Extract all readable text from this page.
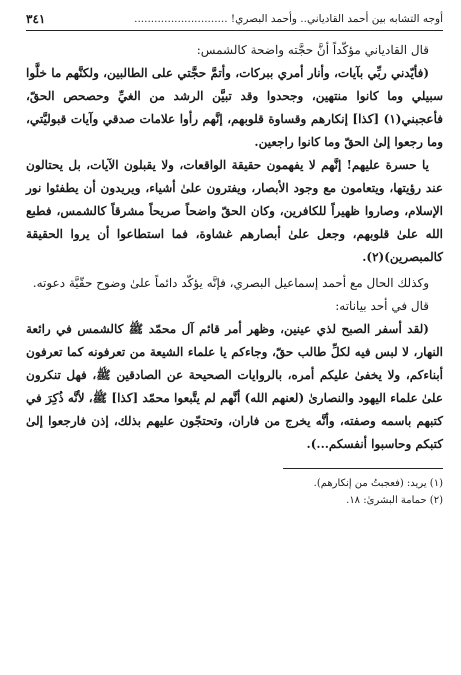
أوجه التشابه بين أحمد القادياني.. وأحمد البصري! ............................
٣٤١

قال القادياني مؤكّداً أنَّ حجَّته واضحة كالشمس:

(فأيّدني ربِّي بآيات، وأنار أمري ببركات، وأتمَّ حجَّتي على الطالبين، ولكنَّهم ما خلَّوا سبيلي وما كانوا منتهين، وجحدوا وقد تبيَّن الرشد من الغيِّ وحصحص الحقّ، فأعجبني(١) [كذا] إنكارهم وقساوة قلوبهم، إنَّهم رأوا علامات صدقي وآيات قبوليَّتي، وما رجعوا إلىٰ الحقّ وما كانوا راجعين.

يا حسرة عليهم! إنَّهم لا يفهمون حقيقة الواقعات، ولا يقبلون الآيات، بل يحتالون عند رؤيتها، ويتعامون مع وجود الأبصار، ويفترون علىٰ أشياء، ويريدون أن يطفئوا نور الإسلام، وصاروا ظهيراً للكافرين، وكان الحقّ واضحاً صريحاً مشرقاً كالشمس، فطبع الله علىٰ قلوبهم، وجعل علىٰ أبصارهم غشاوة، فما استطاعوا أن يروا الحقيقة كالمبصرين)(٢).

وكذلك الحال مع أحمد إسماعيل البصري، فإنَّه يؤكّد دائماً علىٰ وضوح حقّيَّة دعوته.

قال في أحد بياناته:

(لقد أسفر الصبح لذي عينين، وظهر أمر قائم آل محمّد ﷺ كالشمس في رائعة النهار، لا لبس فيه لكلِّ طالب حقّ، وجاءكم يا علماء الشيعة من تعرفونه كما تعرفون أبناءكم، ولا يخفىٰ عليكم أمره، بالروايات الصحيحة عن الصادقين ﷺ، فهل تنكرون علىٰ علماء اليهود والنصارىٰ (لعنهم الله) أنَّهم لم يتَّبعوا محمّد [كذا] ﷺ، لأنَّه ذُكِرَ في كتبهم باسمه وصفته، وأنَّه يخرج من فاران، وتحتجّون عليهم بذلك، إذن فارجعوا إلىٰ كتبكم وحاسبوا أنفسكم...).

(١) يريد: (فعجبتُ من إنكارهم).
(٢) حمامة البشرىٰ: ١٨.
